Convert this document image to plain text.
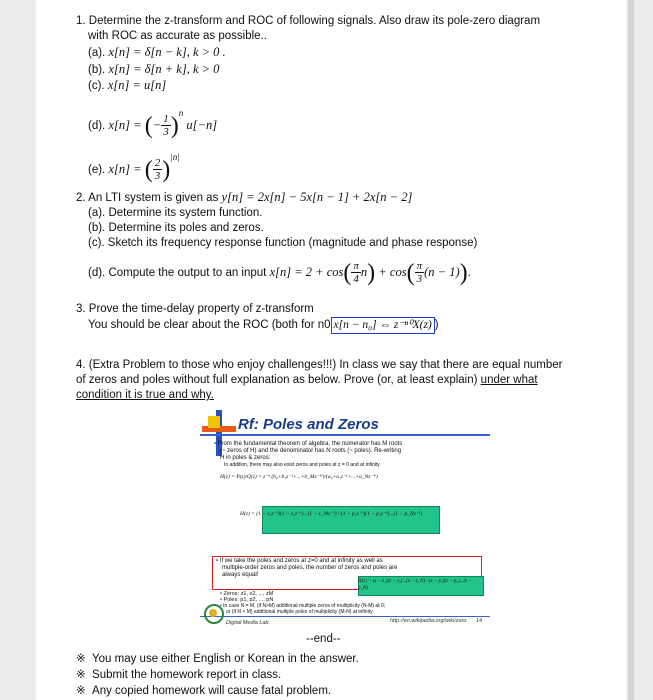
1. Determine the z-transform and ROC of following signals. Also draw its pole-zero diagram
with ROC as accurate as possible..
(a). x[n] = δ[n − k], k > 0 .
(b). x[n] = δ[n + k], k > 0
(c). x[n] = u[n]
(d). x[n] = (− $\frac{1}{3} )^n$ u[−n]
(e). x[n] = ( $\frac{2}{3} )^{|n|}$
2. An LTI system is given as y[n] = 2x[n] − 5x[n − 1] + 2x[n − 2]
(a). Determine its system function.
(b). Determine its poles and zeros.
(c). Sketch its frequency response function (magnitude and phase response)
(d). Compute the output to an input $x[n] = 2 + \cos( \frac{\pi}{4} n) + \cos( \frac{\pi}{3} (n - 1))$.
3. Prove the time-delay property of z-transform
You should be clear about the ROC (both for n0 x[n − n₀] ⇔ z⁻ⁿ⁰X(z) )
4. (Extra Problem to those who enjoy challenges!!!) In class we say that there are equal number
of zeros and poles without full explanation as below. Prove (or, at least explain) under what
condition it is true and why.
Rf: Poles and Zeros
• From the fundamental theorem of algebra, the numerator has M roots
(~ zeros of H) and the denominator has N roots (~ poles). Re-writing
H in poles & zeros:
In addition, there may also exist zeros and poles at z = 0 and at infinity
H(z) = P(z)/Q(z) = z⁻ⁿ (b₀+b₁z⁻¹+...+b_Mz⁻ᴹ)/(a₀+a₁z⁻¹+...+a_Nz⁻ᴺ)
H(z) = (1 − z₁z⁻¹)(1 − z₂z⁻¹)...(1 − z_Mz⁻¹) / (1 − p₁z⁻¹)(1 − p₂z⁻¹)...(1 − p_Nz⁻¹)
• If we take the poles and zeros at z=0 and at infinity as well as
multiple-order zeros and poles, the number of zeros and poles are
always equal!
H(z) = (z − z₁)(z − z₂)...(z − z_N) / (z − p₁)(z − p₂)...(z − p_N)
• Zeros: z1, z2, ..., zM
• Poles: p1, p2, ..., pN
• In case N = M, (if N>M) additional multiple zeros of multiplicity (N-M) at 0;
or (if N < M) additional multiple poles of multiplicity (M-N) at infinity
Digital Media Lab.	http://en.wikipedia.org/wiki/zero 14
--end--
※ You may use either English or Korean in the answer.
※ Submit the homework report in class.
※ Any copied homework will cause fatal problem.
